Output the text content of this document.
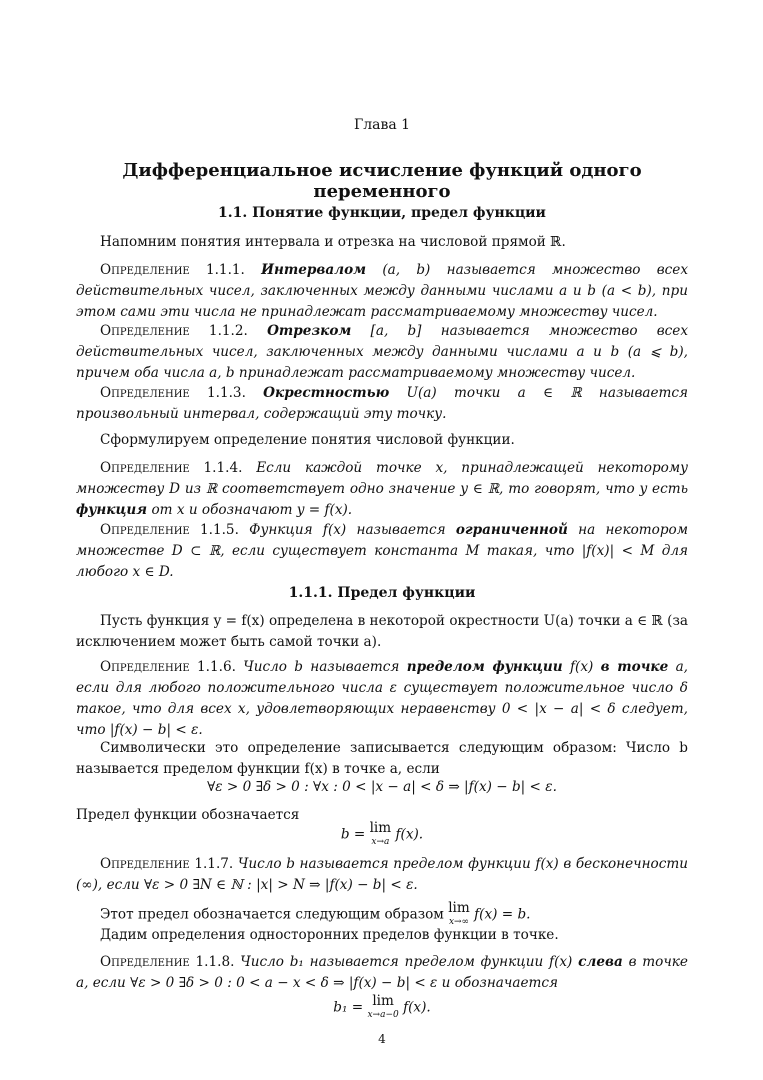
Глава 1
Дифференциальное исчисление функций одного переменного
1.1. Понятие функции, предел функции

Напомним понятия интервала и отрезка на числовой прямой ℝ.

Определение 1.1.1. Интервалом (a, b) называется множество всех действительных чисел, заключенных между данными числами a и b (a < b), при этом сами эти числа не принадлежат рассматриваемому множеству чисел.

Определение 1.1.2. Отрезком [a, b] называется множество всех действительных чисел, заключенных между данными числами a и b (a ⩽ b), причем оба числа a, b принадлежат рассматриваемому множеству чисел.

Определение 1.1.3. Окрестностью U(a) точки a ∈ ℝ называется произвольный интервал, содержащий эту точку.

Сформулируем определение понятия числовой функции.

Определение 1.1.4. Если каждой точке x, принадлежащей некоторому множеству D из ℝ соответствует одно значение y ∈ ℝ, то говорят, что y есть функция от x и обозначают y = f(x).

Определение 1.1.5. Функция f(x) называется ограниченной на некотором множестве D ⊂ ℝ, если существует константа M такая, что |f(x)| < M для любого x ∈ D.

1.1.1. Предел функции

Пусть функция y = f(x) определена в некоторой окрестности U(a) точки a ∈ ℝ (за исключением может быть самой точки a).

Определение 1.1.6. Число b называется пределом функции f(x) в точке a, если для любого положительного числа ε существует положительное число δ такое, что для всех x, удовлетворяющих неравенству 0 < |x − a| < δ следует, что |f(x) − b| < ε.

Символически это определение записывается следующим образом: Число b называется пределом функции f(x) в точке a, если

∀ε > 0 ∃δ > 0 : ∀x : 0 < |x − a| < δ ⇒ |f(x) − b| < ε.

Предел функции обозначается

b = lim
x→a f(x).

Определение 1.1.7. Число b называется пределом функции f(x) в бесконечности (∞), если ∀ε > 0 ∃N ∈ ℕ : |x| > N ⇒ |f(x) − b| < ε.

Этот предел обозначается следующим образом lim
x→∞ f(x) = b.

Дадим определения односторонних пределов функции в точке.

Определение 1.1.8. Число b₁ называется пределом функции f(x) слева в точке a, если ∀ε > 0 ∃δ > 0 : 0 < a − x < δ ⇒ |f(x) − b| < ε и обозначается

b₁ = lim
x→a−0 f(x).
4
